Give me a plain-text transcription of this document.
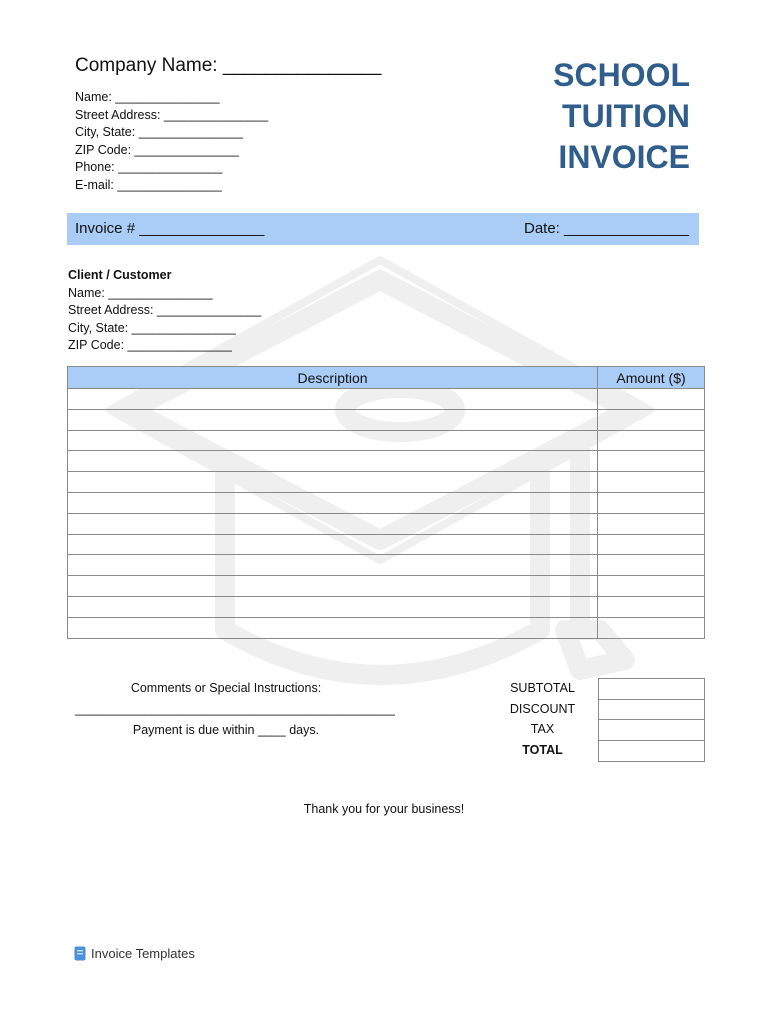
Company Name: _______________
Name: _______________
Street Address: _______________
City, State: _______________
ZIP Code: _______________
Phone: _______________
E-mail: _______________
SCHOOL
TUITION
INVOICE
Invoice # _______________	Date: _______________
Client / Customer
Name: _______________
Street Address: _______________
City, State: _______________
ZIP Code: _______________
Description	Amount ($)

Comments or Special Instructions:
______________________________________________
Payment is due within ____ days.
SUBTOTAL
DISCOUNT
TAX
TOTAL

Thank you for your business!
Invoice Templates
